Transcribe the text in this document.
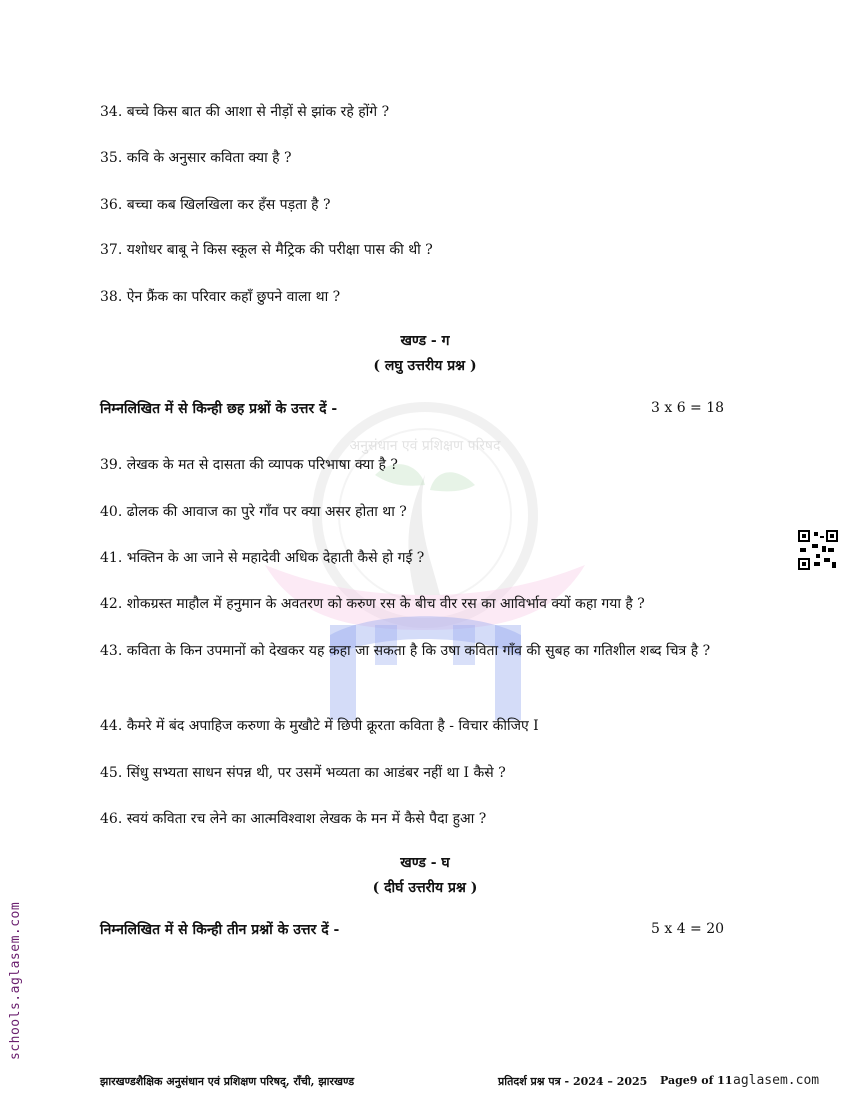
अनुसंधान एवं प्रशिक्षण परिषद
34. बच्चे किस बात की आशा से नीड़ों से झांक रहे होंगे ?
35. कवि के अनुसार कविता क्या है ?
36. बच्चा कब खिलखिला कर हँस पड़ता है ?
37. यशोधर बाबू ने किस स्कूल से मैट्रिक की परीक्षा पास की थी ?
38. ऐन फ्रैंक का परिवार कहाँ छुपने वाला था ?
खण्ड - ग
( लघु उत्तरीय प्रश्न )
निम्नलिखित में से किन्ही छह प्रश्नों के उत्तर दें -	3 x 6 = 18
39. लेखक के मत से दासता की व्यापक परिभाषा क्या है ?
40. ढोलक की आवाज का पुरे गाँव पर क्या असर होता था ?
41. भक्तिन के आ जाने से महादेवी अधिक देहाती कैसे हो गई ?
42. शोकग्रस्त माहौल में हनुमान के अवतरण को करुण रस के बीच वीर रस का आविर्भाव क्यों कहा गया है ?
43. कविता के किन उपमानों को देखकर यह कहा जा सकता है कि उषा कविता गाँव की सुबह का गतिशील शब्द चित्र है ?
44. कैमरे में बंद अपाहिज करुणा के मुखौटे में छिपी क्रूरता कविता है - विचार कीजिए I
45. सिंधु सभ्यता साधन संपन्न थी, पर उसमें भव्यता का आडंबर नहीं था I कैसे ?
46. स्वयं कविता रच लेने का आत्मविश्वाश लेखक के मन में कैसे पैदा हुआ ?
खण्ड - घ
( दीर्घ उत्तरीय प्रश्न )
निम्नलिखित में से किन्ही तीन प्रश्नों के उत्तर दें -	5 x 4 = 20
schools.aglasem.com
झारखण्डशैक्षिक अनुसंधान एवं प्रशिक्षण परिषद्, राँची, झारखण्ड	प्रतिदर्श प्रश्न पत्र - 2024 – 2025 Page9 of 11 aglasem.com
